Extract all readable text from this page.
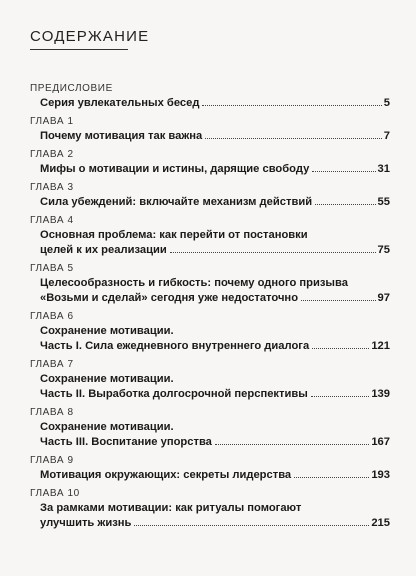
СОДЕРЖАНИЕ
ПРЕДИСЛОВИЕ
Серия увлекательных бесед	5
ГЛАВА 1
Почему мотивация так важна	7
ГЛАВА 2
Мифы о мотивации и истины, дарящие свободу	31
ГЛАВА 3
Сила убеждений: включайте механизм действий	55
ГЛАВА 4
Основная проблема: как перейти от постановки
целей к их реализации	75
ГЛАВА 5
Целесообразность и гибкость: почему одного призыва
«Возьми и сделай» сегодня уже недостаточно	97
ГЛАВА 6
Сохранение мотивации.
Часть I. Сила ежедневного внутреннего диалога	121
ГЛАВА 7
Сохранение мотивации.
Часть II. Выработка долгосрочной перспективы	139
ГЛАВА 8
Сохранение мотивации.
Часть III. Воспитание упорства	167
ГЛАВА 9
Мотивация окружающих: секреты лидерства	193
ГЛАВА 10
За рамками мотивации: как ритуалы помогают
улучшить жизнь	215
